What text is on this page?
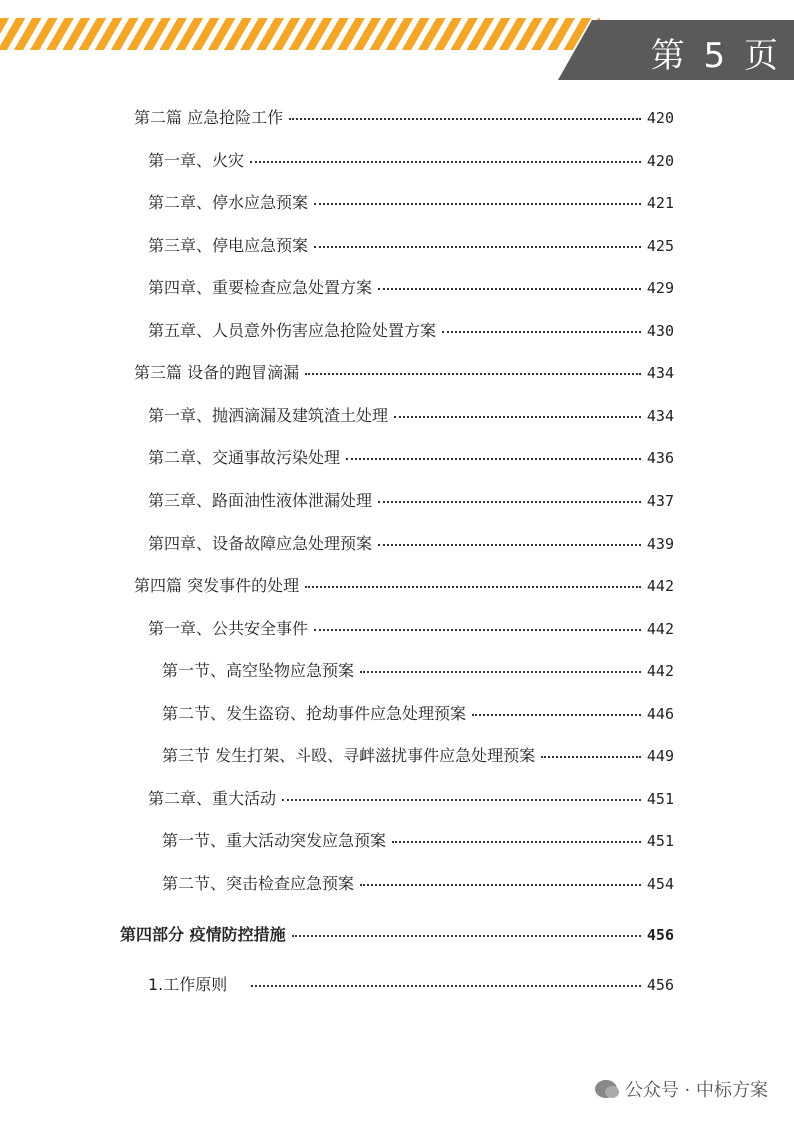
第 5 页
第二篇 应急抢险工作	420
第一章、火灾	420
第二章、停水应急预案	421
第三章、停电应急预案	425
第四章、重要检查应急处置方案	429
第五章、人员意外伤害应急抢险处置方案	430
第三篇 设备的跑冒滴漏	434
第一章、抛洒滴漏及建筑渣土处理	434
第二章、交通事故污染处理	436
第三章、路面油性液体泄漏处理	437
第四章、设备故障应急处理预案	439
第四篇 突发事件的处理	442
第一章、公共安全事件	442
第一节、高空坠物应急预案	442
第二节、发生盗窃、抢劫事件应急处理预案	446
第三节 发生打架、斗殴、寻衅滋扰事件应急处理预案	449
第二章、重大活动	451
第一节、重大活动突发应急预案	451
第二节、突击检查应急预案	454
第四部分 疫情防控措施	456
1.工作原则	456
公众号 · 中标方案
